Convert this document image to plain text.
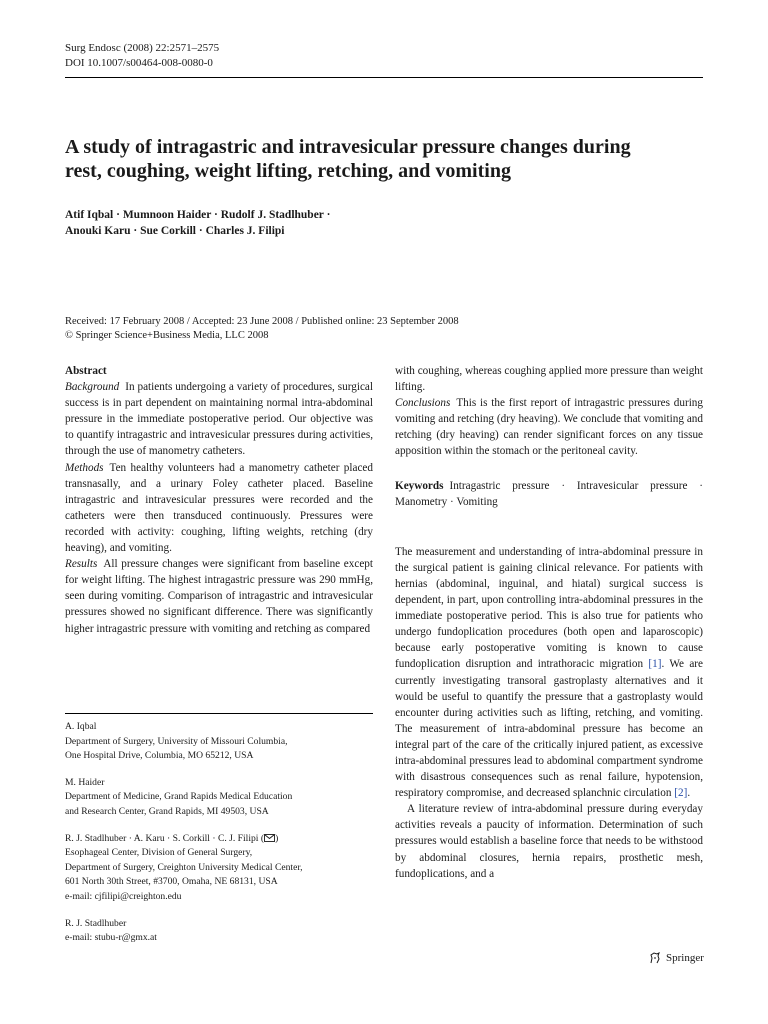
Surg Endosc (2008) 22:2571–2575
DOI 10.1007/s00464-008-0080-0
A study of intragastric and intravesicular pressure changes during
rest, coughing, weight lifting, retching, and vomiting
Atif Iqbal · Mumnoon Haider · Rudolf J. Stadlhuber ·
Anouki Karu · Sue Corkill · Charles J. Filipi
Received: 17 February 2008 / Accepted: 23 June 2008 / Published online: 23 September 2008
© Springer Science+Business Media, LLC 2008

Abstract

Background In patients undergoing a variety of procedures, surgical success is in part dependent on maintaining normal intra-abdominal pressure in the immediate postoperative period. Our objective was to quantify intragastric and intravesicular pressures during activities, through the use of manometry catheters.

Methods Ten healthy volunteers had a manometry catheter placed transnasally, and a urinary Foley catheter placed. Baseline intragastric and intravesicular pressures were recorded and the catheters were then transduced continuously. Pressures were recorded with activity: coughing, lifting weights, retching (dry heaving), and vomiting.

Results All pressure changes were significant from baseline except for weight lifting. The highest intragastric pressure was 290 mmHg, seen during vomiting. Comparison of intragastric and intravesicular pressures showed no significant difference. There was significantly higher intragastric pressure with vomiting and retching as compared

A. Iqbal
Department of Surgery, University of Missouri Columbia,
One Hospital Drive, Columbia, MO 65212, USA
M. Haider
Department of Medicine, Grand Rapids Medical Education
and Research Center, Grand Rapids, MI 49503, USA
R. J. Stadlhuber · A. Karu · S. Corkill · C. J. Filipi ( )
Esophageal Center, Division of General Surgery,
Department of Surgery, Creighton University Medical Center,
601 North 30th Street, #3700, Omaha, NE 68131, USA
e-mail: cjfilipi@creighton.edu
R. J. Stadlhuber
e-mail: stubu-r@gmx.at

with coughing, whereas coughing applied more pressure than weight lifting.

Conclusions This is the first report of intragastric pressures during vomiting and retching (dry heaving). We conclude that vomiting and retching (dry heaving) can render significant forces on any tissue apposition within the stomach or the peritoneal cavity.

Keywords Intragastric pressure · Intravesicular pressure · Manometry · Vomiting

The measurement and understanding of intra-abdominal pressure in the surgical patient is gaining clinical relevance. For patients with hernias (abdominal, inguinal, and hiatal) surgical success is dependent, in part, upon controlling intra-abdominal pressures in the immediate postoperative period. This is also true for patients who undergo fundoplication procedures (both open and laparoscopic) because early postoperative vomiting is known to cause fundoplication disruption and intrathoracic migration [1]. We are currently investigating transoral gastroplasty alternatives and it would be useful to quantify the pressure that a gastroplasty would encounter during activities such as lifting, retching, and vomiting. The measurement of intra-abdominal pressure has become an integral part of the care of the critically injured patient, as excessive intra-abdominal pressures lead to abdominal compartment syndrome with disastrous consequences such as renal failure, hypotension, respiratory compromise, and decreased splanchnic circulation [2].

A literature review of intra-abdominal pressure during everyday activities reveals a paucity of information. Determination of such pressures would establish a baseline force that needs to be withstood by abdominal closures, hernia repairs, prosthetic mesh, fundoplications, and a

Springer
